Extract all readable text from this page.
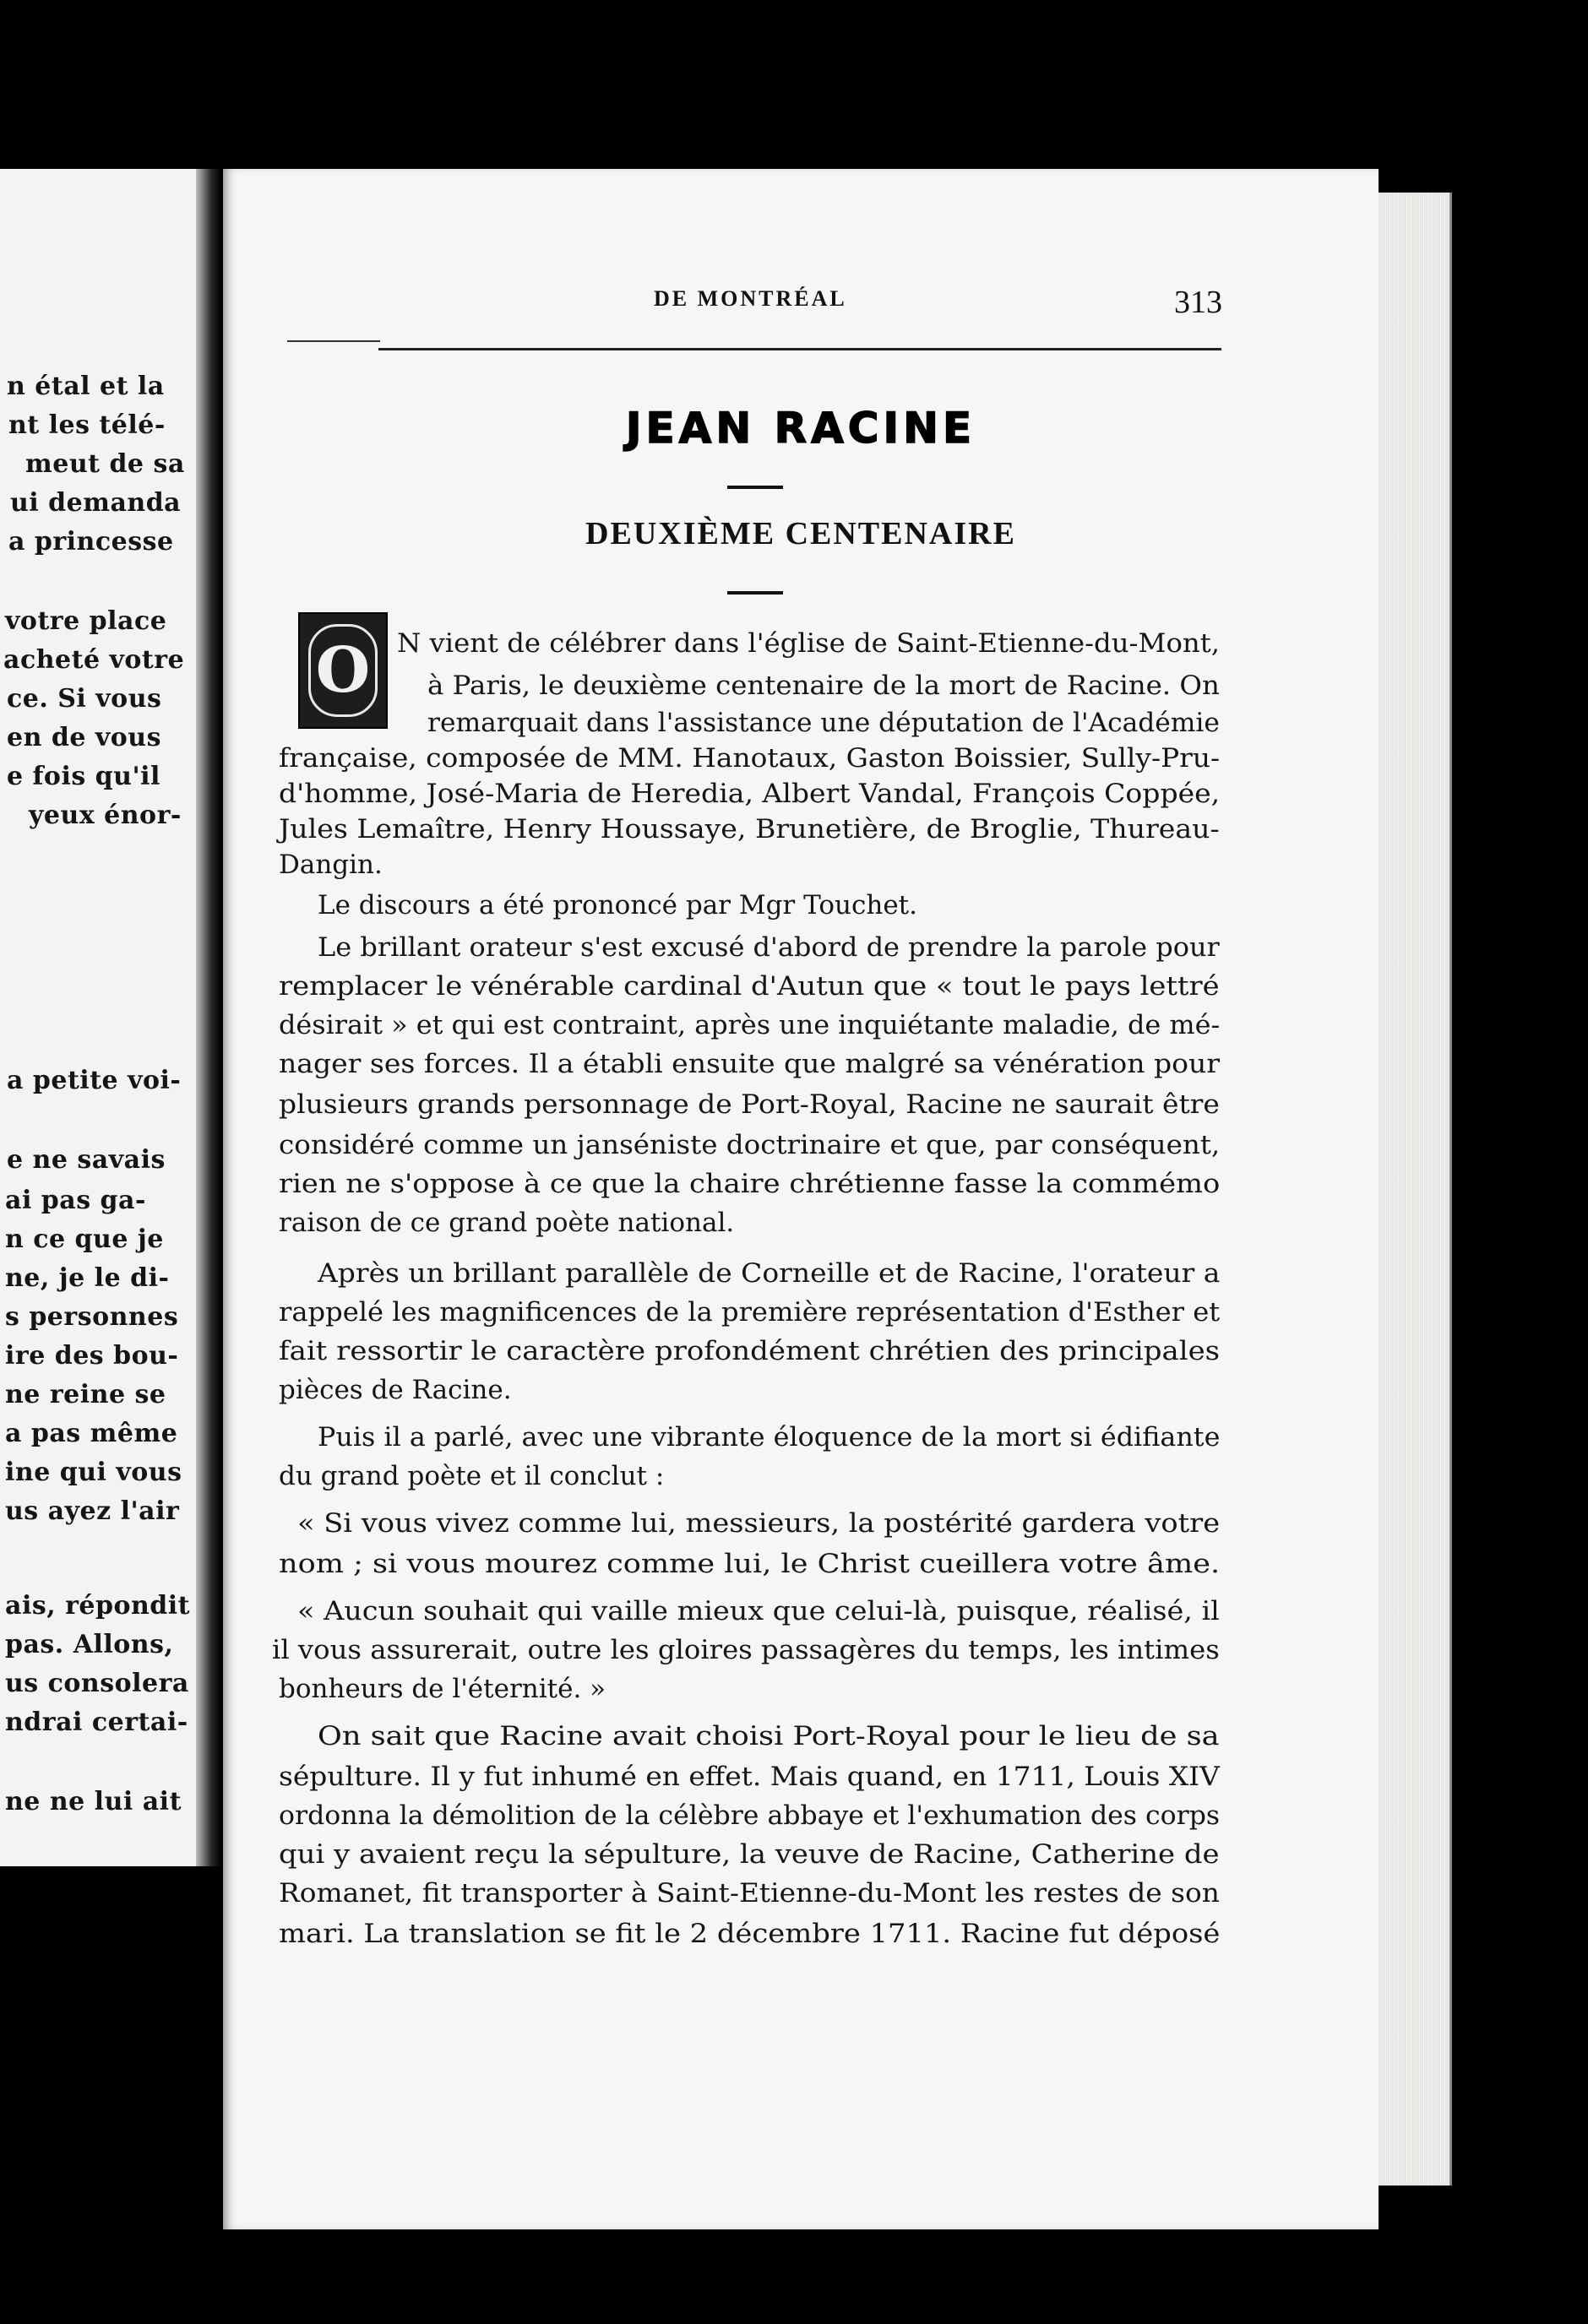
n étal et la
nt les télé-
meut de sa
ui demanda
a princesse
votre place
acheté votre
ce. Si vous
en de vous
e fois qu'il
yeux énor-
a petite voi-
e ne savais
ai pas ga-
n ce que je
ne, je le di-
s personnes
ire des bou-
ne reine se
a pas même
ine qui vous
us ayez l'air
ais, répondit
pas. Allons,
us consolera
ndrai certai-
ne ne lui ait
DE MONTRÉAL	313
JEAN RACINE
DEUXIÈME CENTENAIRE
O N vient de célébrer dans l'église de Saint-Etienne-du-Mont,
à Paris, le deuxième centenaire de la mort de Racine. On
remarquait dans l'assistance une députation de l'Académie
française, composée de MM. Hanotaux, Gaston Boissier, Sully-Pru-
d'homme, José-Maria de Heredia, Albert Vandal, François Coppée,
Jules Lemaître, Henry Houssaye, Brunetière, de Broglie, Thureau-
Dangin.
Le discours a été prononcé par Mgr Touchet.
Le brillant orateur s'est excusé d'abord de prendre la parole pour
remplacer le vénérable cardinal d'Autun que « tout le pays lettré
désirait » et qui est contraint, après une inquiétante maladie, de mé-
nager ses forces. Il a établi ensuite que malgré sa vénération pour
plusieurs grands personnage de Port-Royal, Racine ne saurait être
considéré comme un janséniste doctrinaire et que, par conséquent,
rien ne s'oppose à ce que la chaire chrétienne fasse la commémo
raison de ce grand poète national.
Après un brillant parallèle de Corneille et de Racine, l'orateur a
rappelé les magnificences de la première représentation d'Esther et
fait ressortir le caractère profondément chrétien des principales
pièces de Racine.
Puis il a parlé, avec une vibrante éloquence de la mort si édifiante
du grand poète et il conclut :
« Si vous vivez comme lui, messieurs, la postérité gardera votre
nom ; si vous mourez comme lui, le Christ cueillera votre âme.
« Aucun souhait qui vaille mieux que celui-là, puisque, réalisé, il
il vous assurerait, outre les gloires passagères du temps, les intimes
bonheurs de l'éternité. »
On sait que Racine avait choisi Port-Royal pour le lieu de sa
sépulture. Il y fut inhumé en effet. Mais quand, en 1711, Louis XIV
ordonna la démolition de la célèbre abbaye et l'exhumation des corps
qui y avaient reçu la sépulture, la veuve de Racine, Catherine de
Romanet, fit transporter à Saint-Etienne-du-Mont les restes de son
mari. La translation se fit le 2 décembre 1711. Racine fut déposé
